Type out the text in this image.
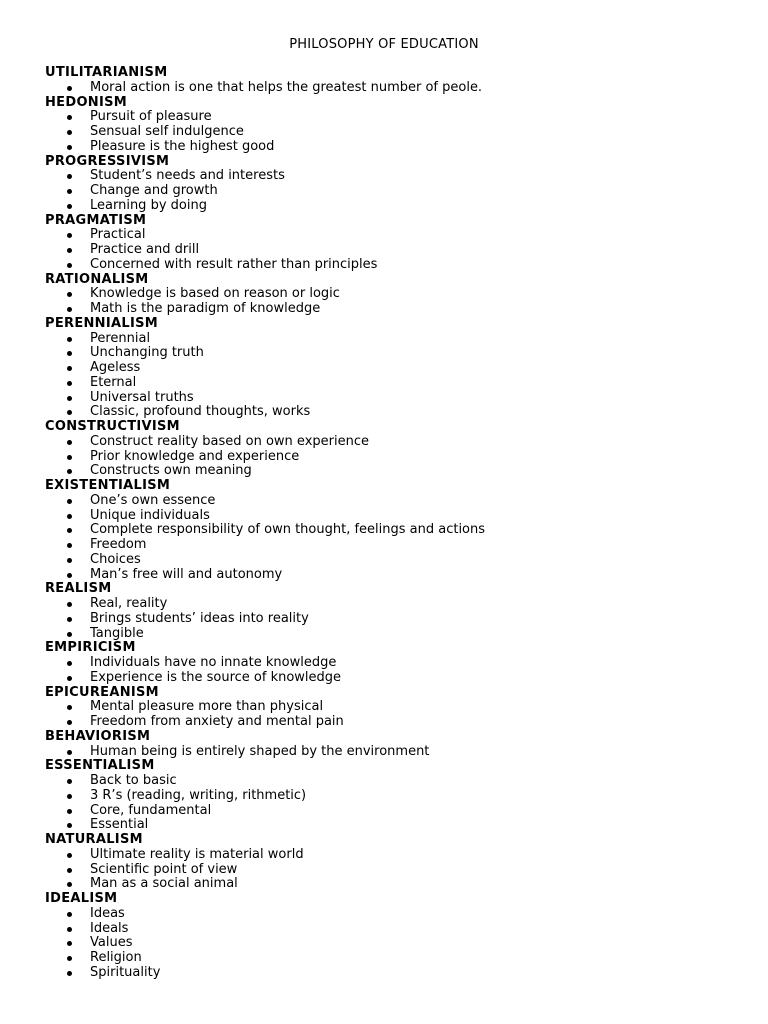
PHILOSOPHY OF EDUCATION
UTILITARIANISM
Moral action is one that helps the greatest number of peole.
HEDONISM
Pursuit of pleasure
Sensual self indulgence
Pleasure is the highest good
PROGRESSIVISM
Student’s needs and interests
Change and growth
Learning by doing
PRAGMATISM
Practical
Practice and drill
Concerned with result rather than principles
RATIONALISM
Knowledge is based on reason or logic
Math is the paradigm of knowledge
PERENNIALISM
Perennial
Unchanging truth
Ageless
Eternal
Universal truths
Classic, profound thoughts, works
CONSTRUCTIVISM
Construct reality based on own experience
Prior knowledge and experience
Constructs own meaning
EXISTENTIALISM
One’s own essence
Unique individuals
Complete responsibility of own thought, feelings and actions
Freedom
Choices
Man’s free will and autonomy
REALISM
Real, reality
Brings students’ ideas into reality
Tangible
EMPIRICISM
Individuals have no innate knowledge
Experience is the source of knowledge
EPICUREANISM
Mental pleasure more than physical
Freedom from anxiety and mental pain
BEHAVIORISM
Human being is entirely shaped by the environment
ESSENTIALISM
Back to basic
3 R’s (reading, writing, rithmetic)
Core, fundamental
Essential
NATURALISM
Ultimate reality is material world
Scientific point of view
Man as a social animal
IDEALISM
Ideas
Ideals
Values
Religion
Spirituality
